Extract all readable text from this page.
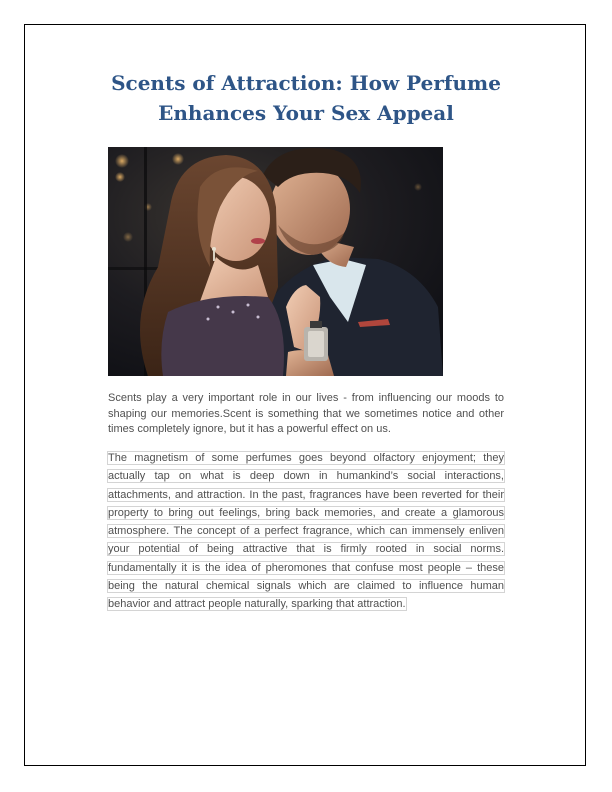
Scents of Attraction: How Perfume Enhances Your Sex Appeal

Scents play a very important role in our lives - from influencing our moods to shaping our memories.Scent is something that we sometimes notice and other times completely ignore, but it has a powerful effect on us.

The magnetism of some perfumes goes beyond olfactory enjoyment; they actually tap on what is deep down in humankind’s social interactions, attachments, and attraction. In the past, fragrances have been reverted for their property to bring out feelings, bring back memories, and create a glamorous atmosphere. The concept of a perfect fragrance, which can immensely enliven your potential of being attractive that is firmly rooted in social norms. fundamentally it is the idea of pheromones that confuse most people – these being the natural chemical signals which are claimed to influence human behavior and attract people naturally, sparking that attraction.
